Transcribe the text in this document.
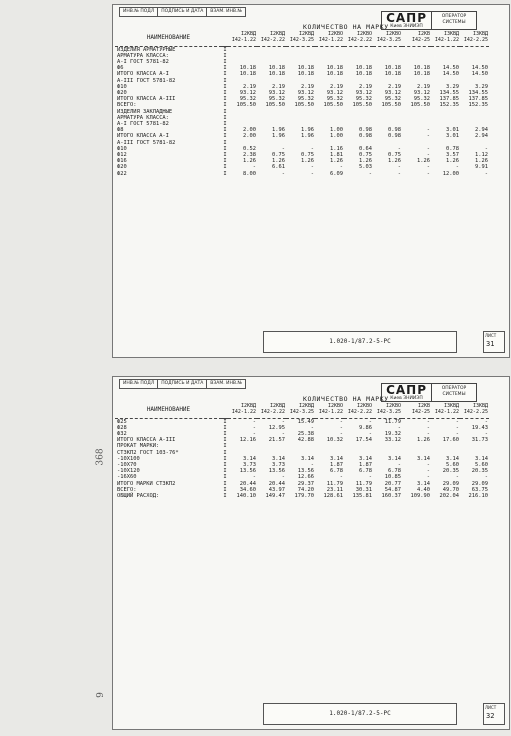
ИНВ.№ ПОДЛ	ПОДПИСЬ И ДАТА	ВЗАМ. ИНВ.№	САПР
Киев ЗНИИЭП
ОПЕРАТОР СИСТЕМЫ
КОЛИЧЕСТВО НА МАРКУ
НАИМЕНОВАНИЕ		I2КВД	I2КВД	I2КВД	I2КВО	I2КВО	I2КВО	I2КВ	I3КВД	I3КВД
		I42-1.22	I42-2.22	I42-3.25	I42-1.22	I42-2.22	I42-3.25	I42-25	I42-1.22	I42-2.25

ИЗДЕЛИЯ АРМАТУРНЫЕ	I									
АРМАТУРА КЛАССА:	I									
А-I ГОСТ 5781-82	I									
Ф6	I	10.18	10.18	10.18	10.18	10.18	10.18	10.18	14.50	14.50
ИТОГО КЛАССА А-I	I	10.18	10.18	10.18	10.18	10.18	10.18	10.18	14.50	14.50
А-III ГОСТ 5781-82	I									
Ф10	I	2.19	2.19	2.19	2.19	2.19	2.19	2.19	3.29	3.29
Ф20	I	93.12	93.12	93.12	93.12	93.12	93.12	93.12	134.55	134.55
ИТОГО КЛАССА А-III	I	95.32	95.32	95.32	95.32	95.32	95.32	95.32	137.85	137.85
ВСЕГО:	I	105.50	105.50	105.50	105.50	105.50	105.50	105.50	152.35	152.35
ИЗДЕЛИЯ ЗАКЛАДНЫЕ	I									
АРМАТУРА КЛАССА:	I									
А-I ГОСТ 5781-82	I									
Ф8	I	2.00	1.96	1.96	1.00	0.98	0.98	-	3.01	2.94
ИТОГО КЛАССА А-I	I	2.00	1.96	1.96	1.00	0.98	0.98	-	3.01	2.94
А-III ГОСТ 5781-82	I									
Ф10	I	0.52	-	-	1.16	0.64	-	-	0.78	-
Ф12	I	2.38	0.75	0.75	1.81	0.75	0.75	-	3.57	1.12
Ф16	I	1.26	1.26	1.26	1.26	1.26	1.26	1.26	1.26	1.26
Ф20	I	-	6.61	-	-	5.03	-	-	-	9.91
Ф22	I	8.00	-	-	6.09	-	-	-	12.00	-
1.020-1/87.2-5-РС
ЛИСТ
31
ИНВ.№ ПОДЛ	ПОДПИСЬ И ДАТА	ВЗАМ. ИНВ.№	САПР
Киев ЗНИИЭП
ОПЕРАТОР СИСТЕМЫ
КОЛИЧЕСТВО НА МАРКУ
НАИМЕНОВАНИЕ		I2КВД	I2КВД	I2КВД	I2КВО	I2КВО	I2КВО	I2КВ	I3КВД	I3КВД
		I42-1.22	I42-2.22	I42-3.25	I42-1.22	I42-2.22	I42-3.25	I42-25	I42-1.22	I42-2.25

Ф25	I	-	-	15.49	-	-	11.79	-	-	-
Ф28	I	-	12.95	-	-	9.86	-	-	-	19.43
Ф32	I	-	-	25.38	-	-	19.32	-	-	-
ИТОГО КЛАССА А-III	I	12.16	21.57	42.88	10.32	17.54	33.12	1.26	17.60	31.73
ПРОКАТ МАРКИ:	I									
СТ3КП2 ГОСТ 103-76*	I									
-10Х100	I	3.14	3.14	3.14	3.14	3.14	3.14	3.14	3.14	3.14
-10Х70	I	3.73	3.73	-	1.87	1.87	-	-	5.60	5.60
-10Х120	I	13.56	13.56	13.56	6.78	6.78	6.78	-	20.35	20.35
-16Х60	I	-	-	12.66	-	-	10.85	-	-	-
ИТОГО МАРКИ СТ3КП2	I	20.44	20.44	29.37	11.79	11.79	20.77	3.14	29.09	29.09
ВСЕГО:	I	34.60	43.97	74.20	23.11	30.31	54.87	4.40	49.70	63.75
ОБЩИЙ РАСХОД:	I	140.10	149.47	179.70	128.61	135.81	160.37	109.90	202.04	216.10
1.020-1/87.2-5-РС
ЛИСТ
32
368
9
